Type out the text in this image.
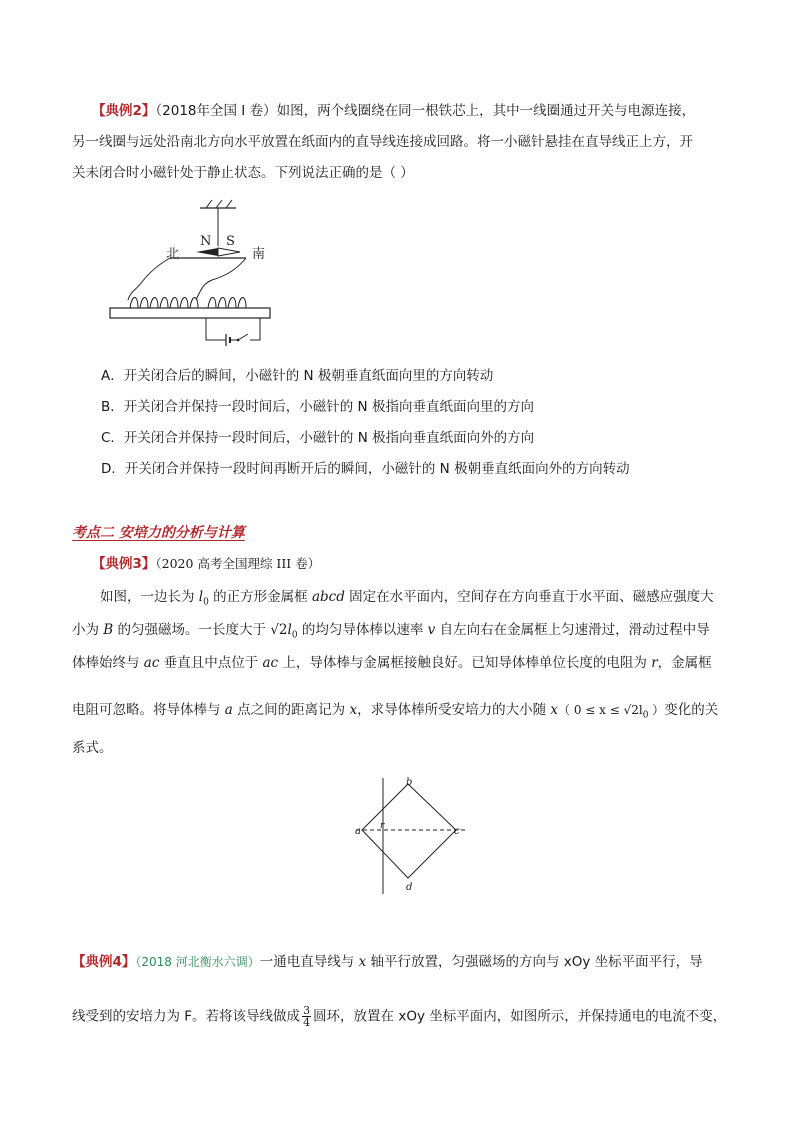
【典例2】（2018年全国 I 卷）如图，两个线圈绕在同一根铁芯上，其中一线圈通过开关与电源连接，
另一线圈与远处沿南北方向水平放置在纸面内的直导线连接成回路。将一小磁针悬挂在直导线正上方，开
关未闭合时小磁针处于静止状态。下列说法正确的是（ ）
N S
北	南
A．开关闭合后的瞬间，小磁针的 N 极朝垂直纸面向里的方向转动
B．开关闭合并保持一段时间后，小磁针的 N 极指向垂直纸面向里的方向
C．开关闭合并保持一段时间后，小磁针的 N 极指向垂直纸面向外的方向
D．开关闭合并保持一段时间再断开后的瞬间，小磁针的 N 极朝垂直纸面向外的方向转动
考点二 安培力的分析与计算
【典例3】（2020 高考全国理综 III 卷）
如图，一边长为 $l_0$ 的正方形金属框 abcd 固定在水平面内，空间存在方向垂直于水平面、磁感应强度大
小为 B 的匀强磁场。一长度大于 $√2l_0$ 的均匀导体棒以速率 v 自左向右在金属框上匀速滑过，滑动过程中导
体棒始终与 ac 垂直且中点位于 ac 上，导体棒与金属框接触良好。已知导体棒单位长度的电阻为 r，金属框
电阻可忽略。将导体棒与 a 点之间的距离记为 x，求导体棒所受安培力的大小随 x（ $0 \le x \le √2l_0$ ）变化的关
系式。
a
b
c
d
r
【典例4】（2018 河北衡水六调）一通电直导线与 x 轴平行放置，匀强磁场的方向与 xOy 坐标平面平行，导
线受到的安培力为 F。若将该导线做成 $\frac{3}{4}$ 圆环，放置在 xOy 坐标平面内，如图所示，并保持通电的电流不变，
